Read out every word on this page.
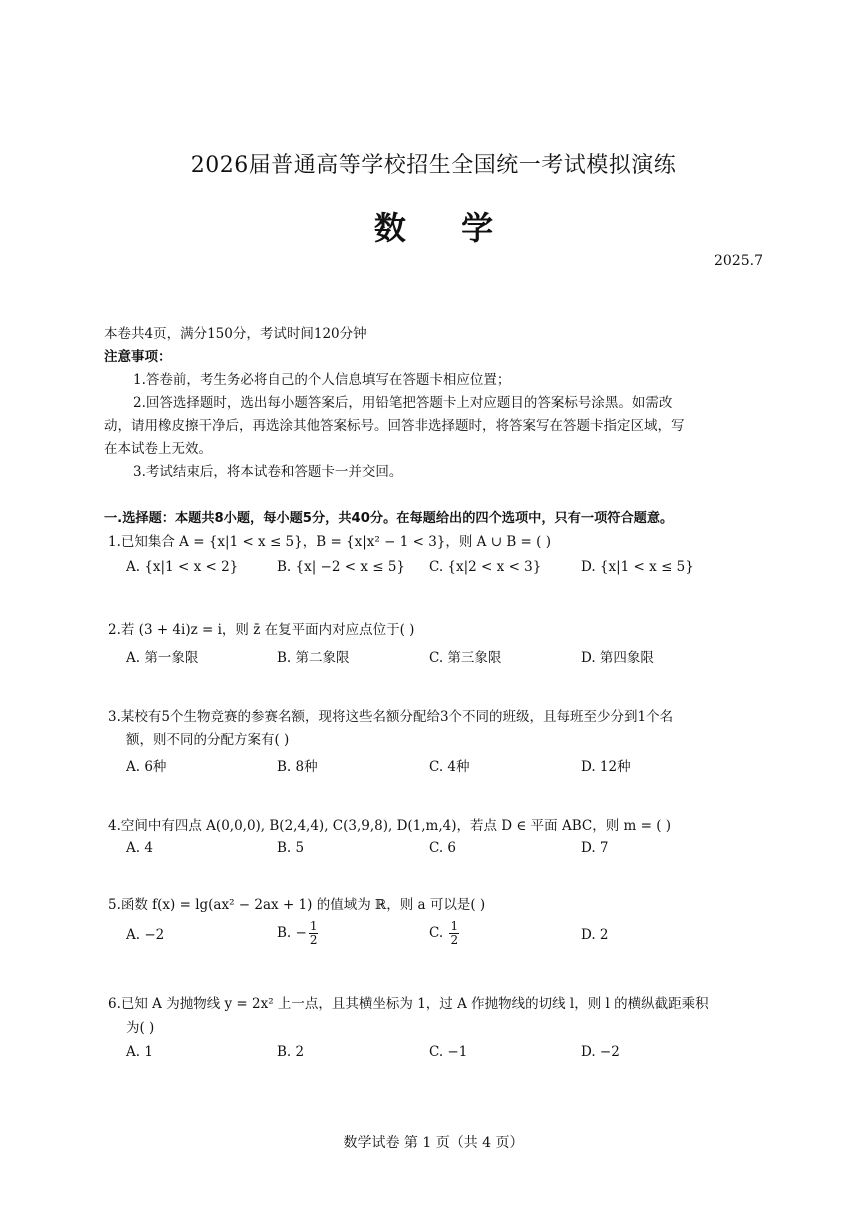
2026届普通高等学校招生全国统一考试模拟演练
数 学
2025.7
本卷共4页，满分150分，考试时间120分钟
注意事项：
1.答卷前，考生务必将自己的个人信息填写在答题卡相应位置；
2.回答选择题时，选出每小题答案后，用铅笔把答题卡上对应题目的答案标号涂黑。如需改
动，请用橡皮擦干净后，再选涂其他答案标号。回答非选择题时，将答案写在答题卡指定区域，写
在本试卷上无效。
3.考试结束后，将本试卷和答题卡一并交回。
一.选择题：本题共8小题，每小题5分，共40分。在每题给出的四个选项中，只有一项符合题意。
1.已知集合 A = {x|1 < x ≤ 5}，B = {x|x² − 1 < 3}，则 A ∪ B = ( )
A. {x|1 < x < 2}	B. {x| −2 < x ≤ 5} C. {x|2 < x < 3}	D. {x|1 < x ≤ 5}
2.若 (3 + 4i)z = i，则 z̄ 在复平面内对应点位于( )
A. 第一象限	B. 第二象限	C. 第三象限	D. 第四象限
3.某校有5个生物竞赛的参赛名额，现将这些名额分配给3个不同的班级，且每班至少分到1个名
额，则不同的分配方案有( )
A. 6种	B. 8种	C. 4种	D. 12种
4.空间中有四点 A(0,0,0), B(2,4,4), C(3,9,8), D(1,m,4)，若点 D ∈ 平面 ABC，则 m = ( )
A. 4	B. 5	C. 6	D. 7
5.函数 f(x) = lg(ax² − 2ax + 1) 的值域为 ℝ，则 a 可以是( )
A. −2	B. − $\frac{1}{2}$	C. $\frac{1}{2}$	D. 2
6.已知 A 为抛物线 y = 2x² 上一点，且其横坐标为 1，过 A 作抛物线的切线 l，则 l 的横纵截距乘积
为( )
A. 1	B. 2	C. −1	D. −2
数学试卷 第 1 页（共 4 页）
